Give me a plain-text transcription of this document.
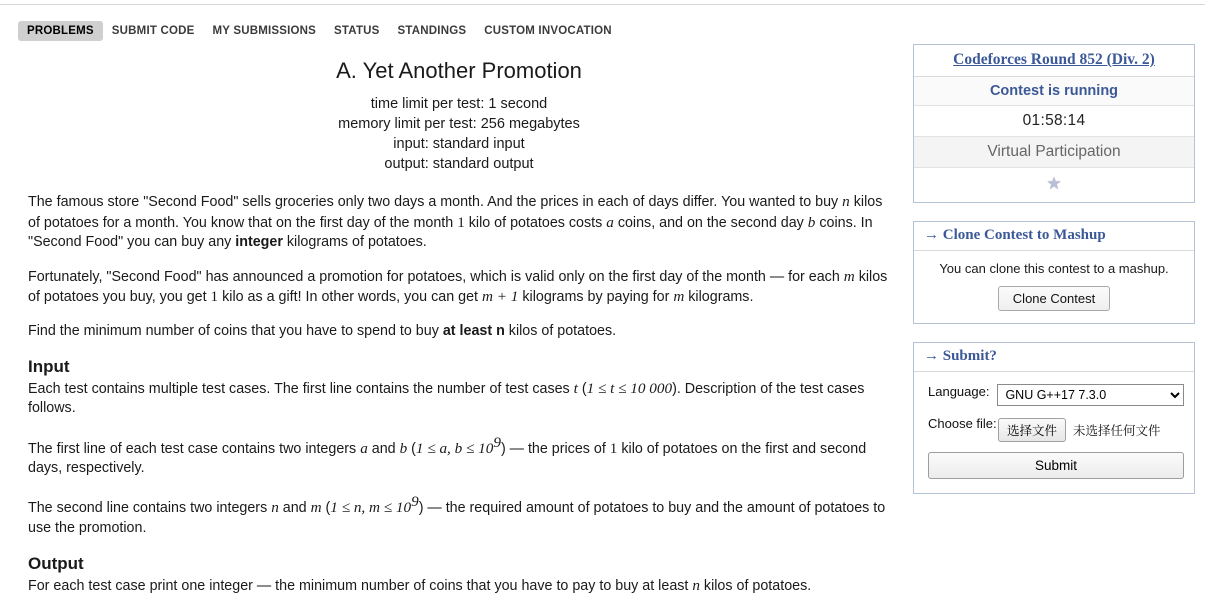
PROBLEMS	SUBMIT CODE	MY SUBMISSIONS	STATUS	STANDINGS	CUSTOM INVOCATION
A. Yet Another Promotion
time limit per test: 1 second
memory limit per test: 256 megabytes
input: standard input
output: standard output

The famous store "Second Food" sells groceries only two days a month. And the prices in each of days differ. You wanted to buy n kilos of potatoes for a month. You know that on the first day of the month 1 kilo of potatoes costs a coins, and on the second day b coins. In "Second Food" you can buy any integer kilograms of potatoes.

Fortunately, "Second Food" has announced a promotion for potatoes, which is valid only on the first day of the month — for each m kilos of potatoes you buy, you get 1 kilo as a gift! In other words, you can get m + 1 kilograms by paying for m kilograms.

Find the minimum number of coins that you have to spend to buy at least n kilos of potatoes.

Input

Each test contains multiple test cases. The first line contains the number of test cases t (1 ≤ t ≤ 10 000). Description of the test cases follows.

The first line of each test case contains two integers a and b (1 ≤ a, $b \le 10^9$) — the prices of 1 kilo of potatoes on the first and second days, respectively.

The second line contains two integers n and m (1 ≤ n, $m \le 10^9$) — the required amount of potatoes to buy and the amount of potatoes to use the promotion.

Output

For each test case print one integer — the minimum number of coins that you have to pay to buy at least n kilos of potatoes.

Codeforces Round 852 (Div. 2)
Contest is running
01:58:14
Virtual Participation
★
→ Clone Contest to Mashup
You can clone this contest to a mashup.
Clone Contest
→ Submit?
Language:
GNU G++17 7.3.0
Choose file: 选择文件	未选择任何文件
Submit
